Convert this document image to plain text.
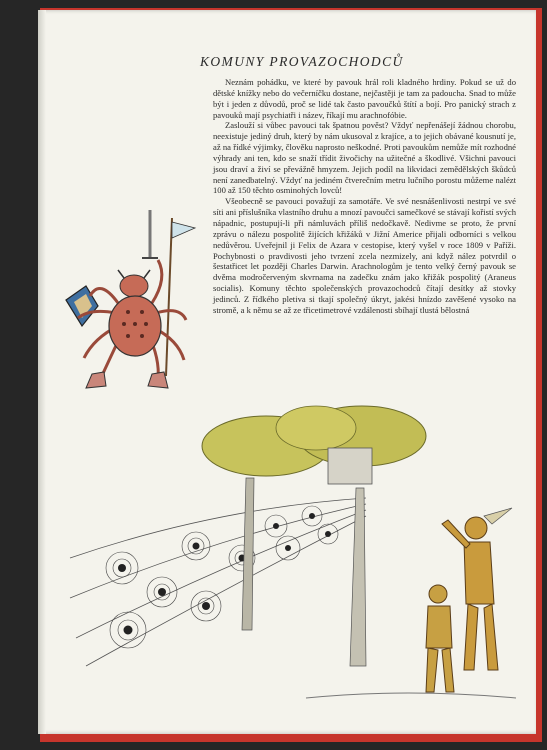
KOMUNY PROVAZOCHODCŮ

Neznám pohádku, ve které by pavouk hrál roli kladného hrdiny. Pokud se už do dětské knížky nebo do večerníčku dostane, nejčastěji je tam za padoucha. Snad to může být i jeden z důvodů, proč se lidé tak často pavoučků štítí a bojí. Pro panický strach z pavouků mají psychiatři i název, říkají mu arachnofóbie.

Zaslouží si vůbec pavouci tak špatnou pověst? Vždyť nepřenášejí žádnou chorobu, neexistuje jediný druh, který by nám ukusoval z krajíce, a to jejich obávané kousnutí je, až na řídké výjimky, člověku naprosto neškodné. Proti pavoukům nemůže mít rozhodné výhrady ani ten, kdo se snaží třídit živočichy na užitečné a škodlivé. Všichni pavouci jsou draví a živí se převážně hmyzem. Jejich podíl na likvidaci zemědělských škůdců není zanedbatelný. Vždyť na jediném čtverečním metru lučního porostu můžeme nalézt 100 až 150 těchto osminohých lovců!

Všeobecně se pavouci považují za samotáře. Ve své nesnášenlivosti nestrpí ve své síti ani příslušníka vlastního druhu a mnozí pavoučci samečkové se stávají kořistí svých nápadnic, postupují-li při námluvách příliš nedočkavě. Nedivme se proto, že první zprávu o nálezu pospolitě žijících křižáků v Jižní Americe přijali odborníci s velkou nedůvěrou. Uveřejnil ji Felix de Azara v cestopise, který vyšel v roce 1809 v Paříži. Pochybnosti o pravdivosti jeho tvrzení zcela nezmizely, ani když nález potvrdil o šestatřicet let později Charles Darwin. Arachnologům je tento velký černý pavouk se dvěma modročerveným skvrnama na zadečku znám jako křižák pospolitý (Araneus socialis). Komuny těchto společenských provazochodců čítají desítky až stovky jedinců. Z řídkého pletiva si tkají společný úkryt, jakési hnízdo zavěšené vysoko na stromě, a k němu se až ze třicetimetrové vzdálenosti sbíhají tlustá bělostná
